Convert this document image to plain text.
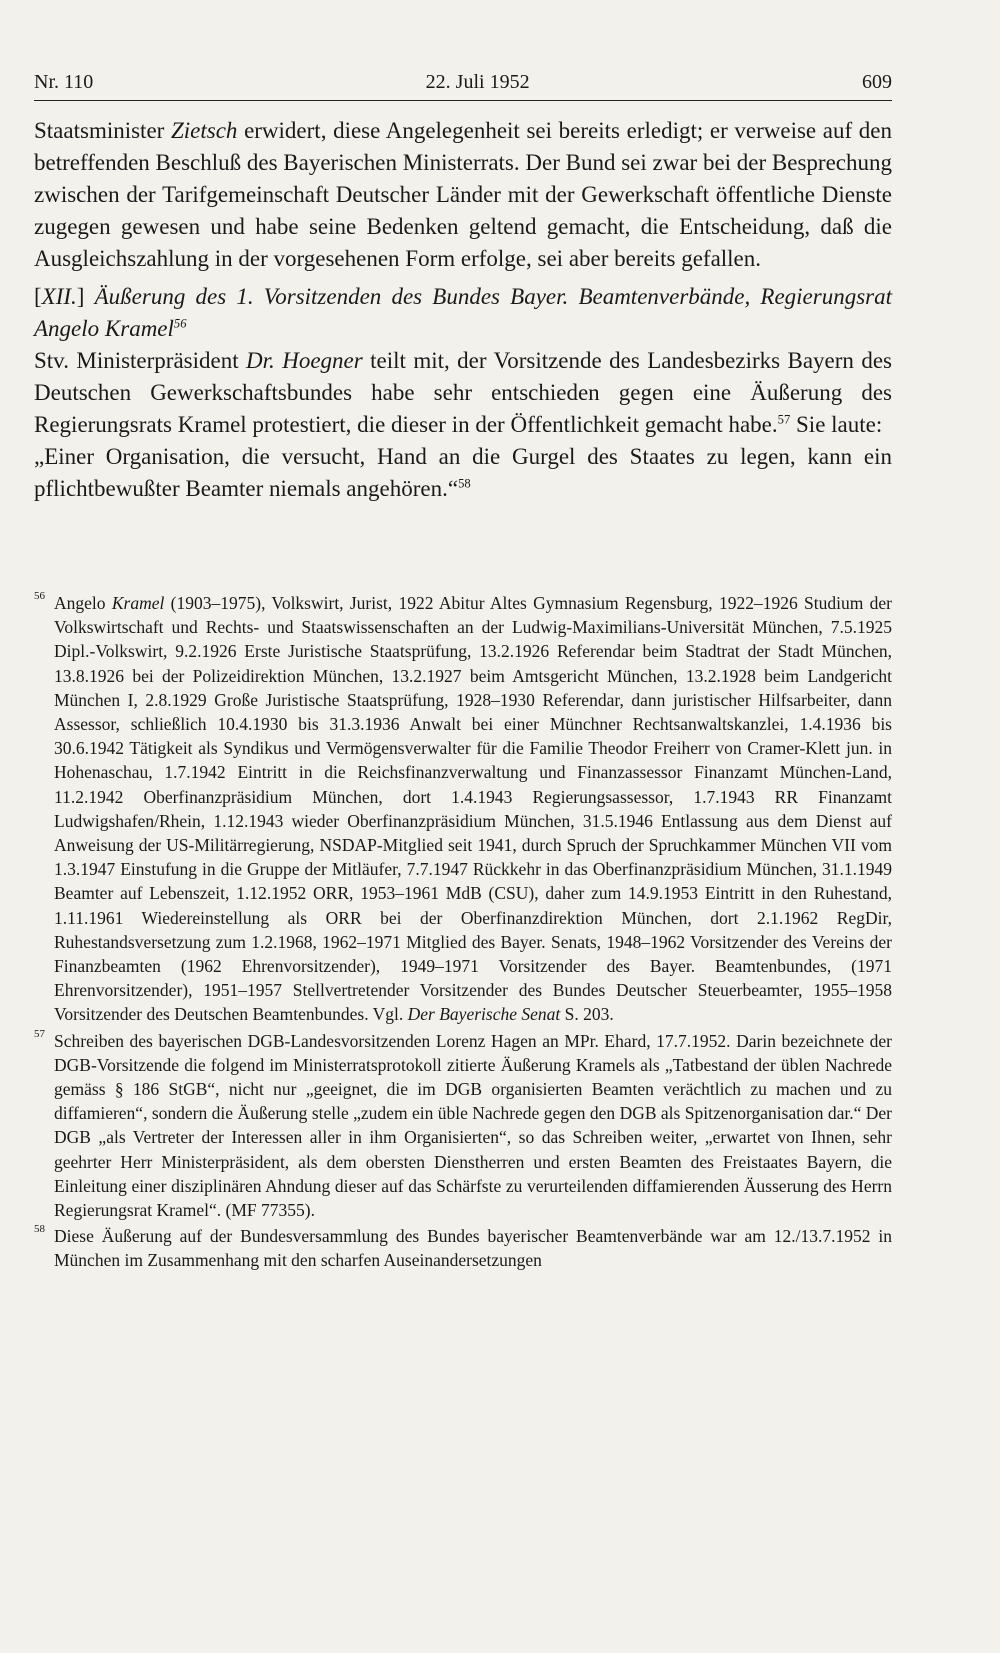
Nr. 110	22. Juli 1952	609

Staatsminister Zietsch erwidert, diese Angelegenheit sei bereits erledigt; er verweise auf den betreffenden Beschluß des Bayerischen Ministerrats. Der Bund sei zwar bei der Besprechung zwischen der Tarifgemeinschaft Deutscher Länder mit der Gewerkschaft öffentliche Dienste zugegen gewesen und habe seine Bedenken geltend gemacht, die Entscheidung, daß die Ausgleichszahlung in der vorgesehenen Form erfolge, sei aber bereits gefallen.

[XII.] Äußerung des 1. Vorsitzenden des Bundes Bayer. Beamtenverbände, Regierungsrat Angelo Kramel$^{56}$

Stv. Ministerpräsident Dr. Hoegner teilt mit, der Vorsitzende des Landesbezirks Bayern des Deutschen Gewerkschaftsbundes habe sehr entschieden gegen eine Äußerung des Regierungsrats Kramel protestiert, die dieser in der Öffentlichkeit gemacht habe.$^{57}$ Sie laute:

„Einer Organisation, die versucht, Hand an die Gurgel des Staates zu legen, kann ein pflichtbewußter Beamter niemals angehören.“$^{58}$

56 Angelo Kramel (1903–1975), Volkswirt, Jurist, 1922 Abitur Altes Gymnasium Regensburg, 1922–1926 Studium der Volkswirtschaft und Rechts- und Staatswissenschaften an der Ludwig-Maximilians-Universität München, 7.5.1925 Dipl.-Volkswirt, 9.2.1926 Erste Juristische Staatsprüfung, 13.2.1926 Referendar beim Stadtrat der Stadt München, 13.8.1926 bei der Polizeidirektion München, 13.2.1927 beim Amtsgericht München, 13.2.1928 beim Landgericht München I, 2.8.1929 Große Juristische Staatsprüfung, 1928–1930 Referendar, dann juristischer Hilfsarbeiter, dann Assessor, schließlich 10.4.1930 bis 31.3.1936 Anwalt bei einer Münchner Rechtsanwaltskanzlei, 1.4.1936 bis 30.6.1942 Tätigkeit als Syndikus und Vermögensverwalter für die Familie Theodor Freiherr von Cramer-Klett jun. in Hohenaschau, 1.7.1942 Eintritt in die Reichsfinanzverwaltung und Finanzassessor Finanzamt München-Land, 11.2.1942 Oberfinanzpräsidium München, dort 1.4.1943 Regierungsassessor, 1.7.1943 RR Finanzamt Ludwigshafen/Rhein, 1.12.1943 wieder Oberfinanzpräsidium München, 31.5.1946 Entlassung aus dem Dienst auf Anweisung der US-Militärregierung, NSDAP-Mitglied seit 1941, durch Spruch der Spruchkammer München VII vom 1.3.1947 Einstufung in die Gruppe der Mitläufer, 7.7.1947 Rückkehr in das Oberfinanzpräsidium München, 31.1.1949 Beamter auf Lebenszeit, 1.12.1952 ORR, 1953–1961 MdB (CSU), daher zum 14.9.1953 Eintritt in den Ruhestand, 1.11.1961 Wiedereinstellung als ORR bei der Oberfinanzdirektion München, dort 2.1.1962 RegDir, Ruhestandsversetzung zum 1.2.1968, 1962–1971 Mitglied des Bayer. Senats, 1948–1962 Vorsitzender des Vereins der Finanzbeamten (1962 Ehrenvorsitzender), 1949–1971 Vorsitzender des Bayer. Beamtenbundes, (1971 Ehrenvorsitzender), 1951–1957 Stellvertretender Vorsitzender des Bundes Deutscher Steuerbeamter, 1955–1958 Vorsitzender des Deutschen Beamtenbundes. Vgl. Der Bayerische Senat S. 203.

57 Schreiben des bayerischen DGB-Landesvorsitzenden Lorenz Hagen an MPr. Ehard, 17.7.1952. Darin bezeichnete der DGB-Vorsitzende die folgend im Ministerratsprotokoll zitierte Äußerung Kramels als „Tatbestand der üblen Nachrede gemäss § 186 StGB“, nicht nur „geeignet, die im DGB organisierten Beamten verächtlich zu machen und zu diffamieren“, sondern die Äußerung stelle „zudem ein üble Nachrede gegen den DGB als Spitzenorganisation dar.“ Der DGB „als Vertreter der Interessen aller in ihm Organisierten“, so das Schreiben weiter, „erwartet von Ihnen, sehr geehrter Herr Ministerpräsident, als dem obersten Dienstherren und ersten Beamten des Freistaates Bayern, die Einleitung einer disziplinären Ahndung dieser auf das Schärfste zu verurteilenden diffamierenden Äusserung des Herrn Regierungsrat Kramel“. (MF 77355).

58 Diese Äußerung auf der Bundesversammlung des Bundes bayerischer Beamtenverbände war am 12./13.7.1952 in München im Zusammenhang mit den scharfen Auseinandersetzungen
